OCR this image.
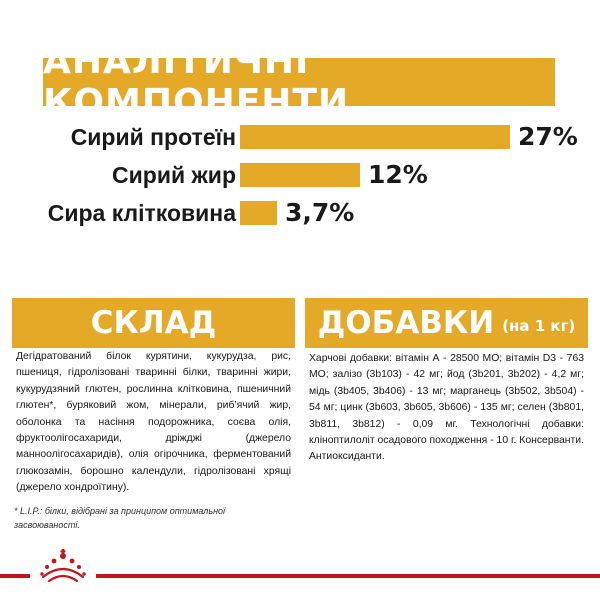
АНАЛІТИЧНІ КОМПОНЕНТИ
Сирий протеїн	27%
Сирий жир	12%
Сира клітковина 3,7%
СКЛАД
Дегідратований білок курятини, кукурудза, рис, пшениця, гідролізовані тваринні білки, тваринні жири, кукурудзяний глютен, рослинна клітковина, пшеничний глютен*, буряковий жом, мінерали, риб’ячий жир, оболонка та насіння подорожника, соєва олія, фруктоолігосахариди, дріжджі (джерело манноолігосахаридів), олія огірочника, ферментований глюкозамін, борошно календули, гідролізовані хрящі (джерело хондроїтину).
ДОБАВКИ (на 1 кг)
Харчові добавки: вітамін А - 28500 МО; вітамін D3 - 763 МО; залізо (3b103) - 42 мг; йод (3b201, 3b202) - 4,2 мг; мідь (3b405, 3b406) - 13 мг; марганець (3b502, 3b504) - 54 мг; цинк (3b603, 3b605, 3b606) - 135 мг; селен (3b801, 3b811, 3b812) - 0,09 мг. Технологічні добавки: клінoптилоліт осадового походження - 10 г. Консерванти. Антиоксиданти.
* L.I.P.: білки, відібрані за принципом оптимальної засвоюваності.
